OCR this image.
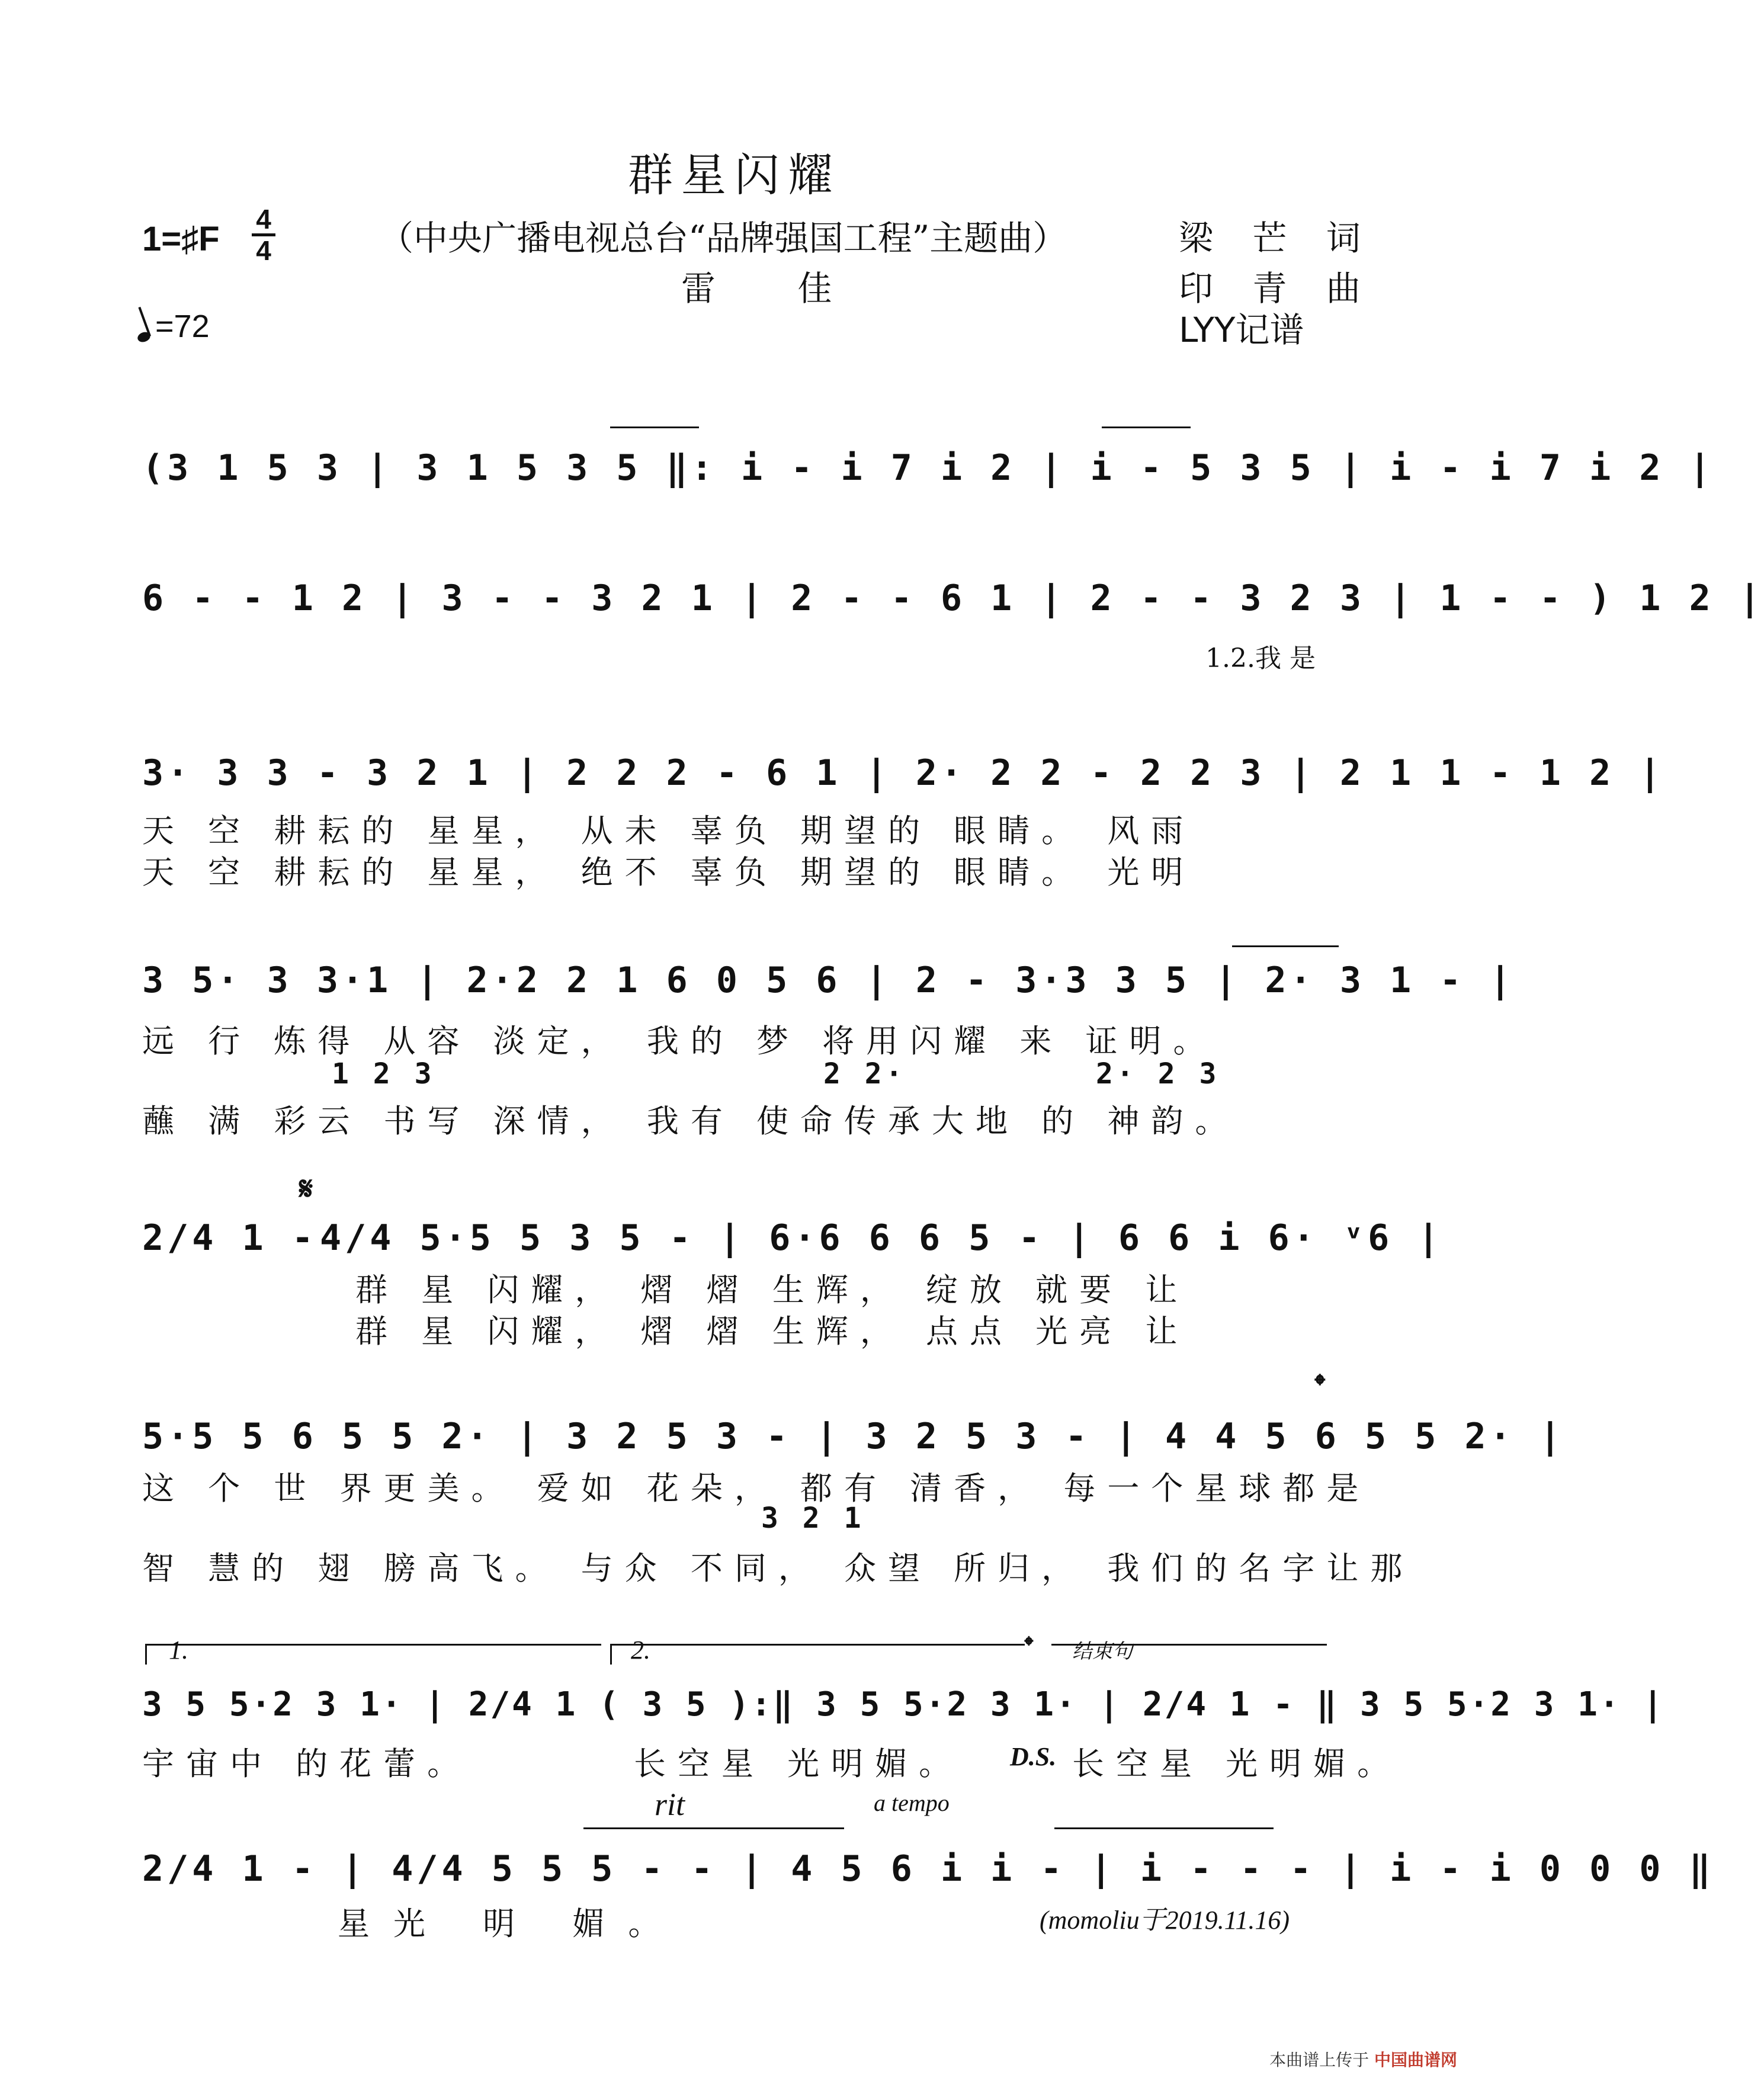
群星闪耀
（中央广播电视总台“品牌强国工程”主题曲）
雷 佳
梁 芒 词
印 青 曲
LYY记谱
1=♯F
4
4
=72
(3 1 5 3 | 3 1 5 3 5 ‖: i - i 7 i 2 | i - 5 3 5 | i - i 7 i 2 |
6 - - 1 2 | 3 - - 3 2 1 | 2 - - 6 1 | 2 - - 3 2 3 | 1 - - ) 1 2 |
1.2.我 是
3· 3 3 - 3 2 1 | 2 2 2 - 6 1 | 2· 2 2 - 2 2 3 | 2 1 1 - 1 2 |
天 空 耕耘的 星星， 从未 辜负 期望的 眼睛。 风雨
天 空 耕耘的 星星， 绝不 辜负 期望的 眼睛。 光明
3 5· 3 3·1 | 2·2 2 1 6 0 5 6 | 2 - 3·3 3 5 | 2· 3 1 - |
远 行 炼得 从容 淡定， 我的 梦 将用闪耀 来 证明。
1 2 3	2 2·	2· 2 3
蘸 满 彩云 书写 深情， 我有 使命传承大地 的 神韵。
𝄋
2/4 1 - 4/4 5·5 5 3 5 - | 6·6 6 6 5 - | 6 6 i 6· ᵛ6 |
群 星 闪耀， 熠 熠 生辉， 绽放 就要 让
群 星 闪耀， 熠 熠 生辉， 点点 光亮 让
𝄌
5·5 5 6 5 5 2· | 3 2 5 3 - | 3 2 5 3 - | 4 4 5 6 5 5 2· |
这 个 世 界更美。 爱如 花朵， 都有 清香， 每一个星球都是
3 2 1
智 慧的 翅 膀高飞。 与众 不同， 众望 所归， 我们的名字让那
1.	2.	𝄌 结束句
3 5 5·2 3 1· | 2/4 1 ( 3 5 ):‖ 3 5 5·2 3 1· | 2/4 1 - ‖ 3 5 5·2 3 1· |
宇宙中 的花蕾。	长空星 光明媚。 D.S. 长空星 光明媚。
rit	a tempo
2/4 1 - | 4/4 5 5 5 - - | 4 5 6 i i - | i - - - | i - i 0 0 0 ‖
星光 明 媚。	(momoliu于2019.11.16)
本曲谱上传于 中国曲谱网
